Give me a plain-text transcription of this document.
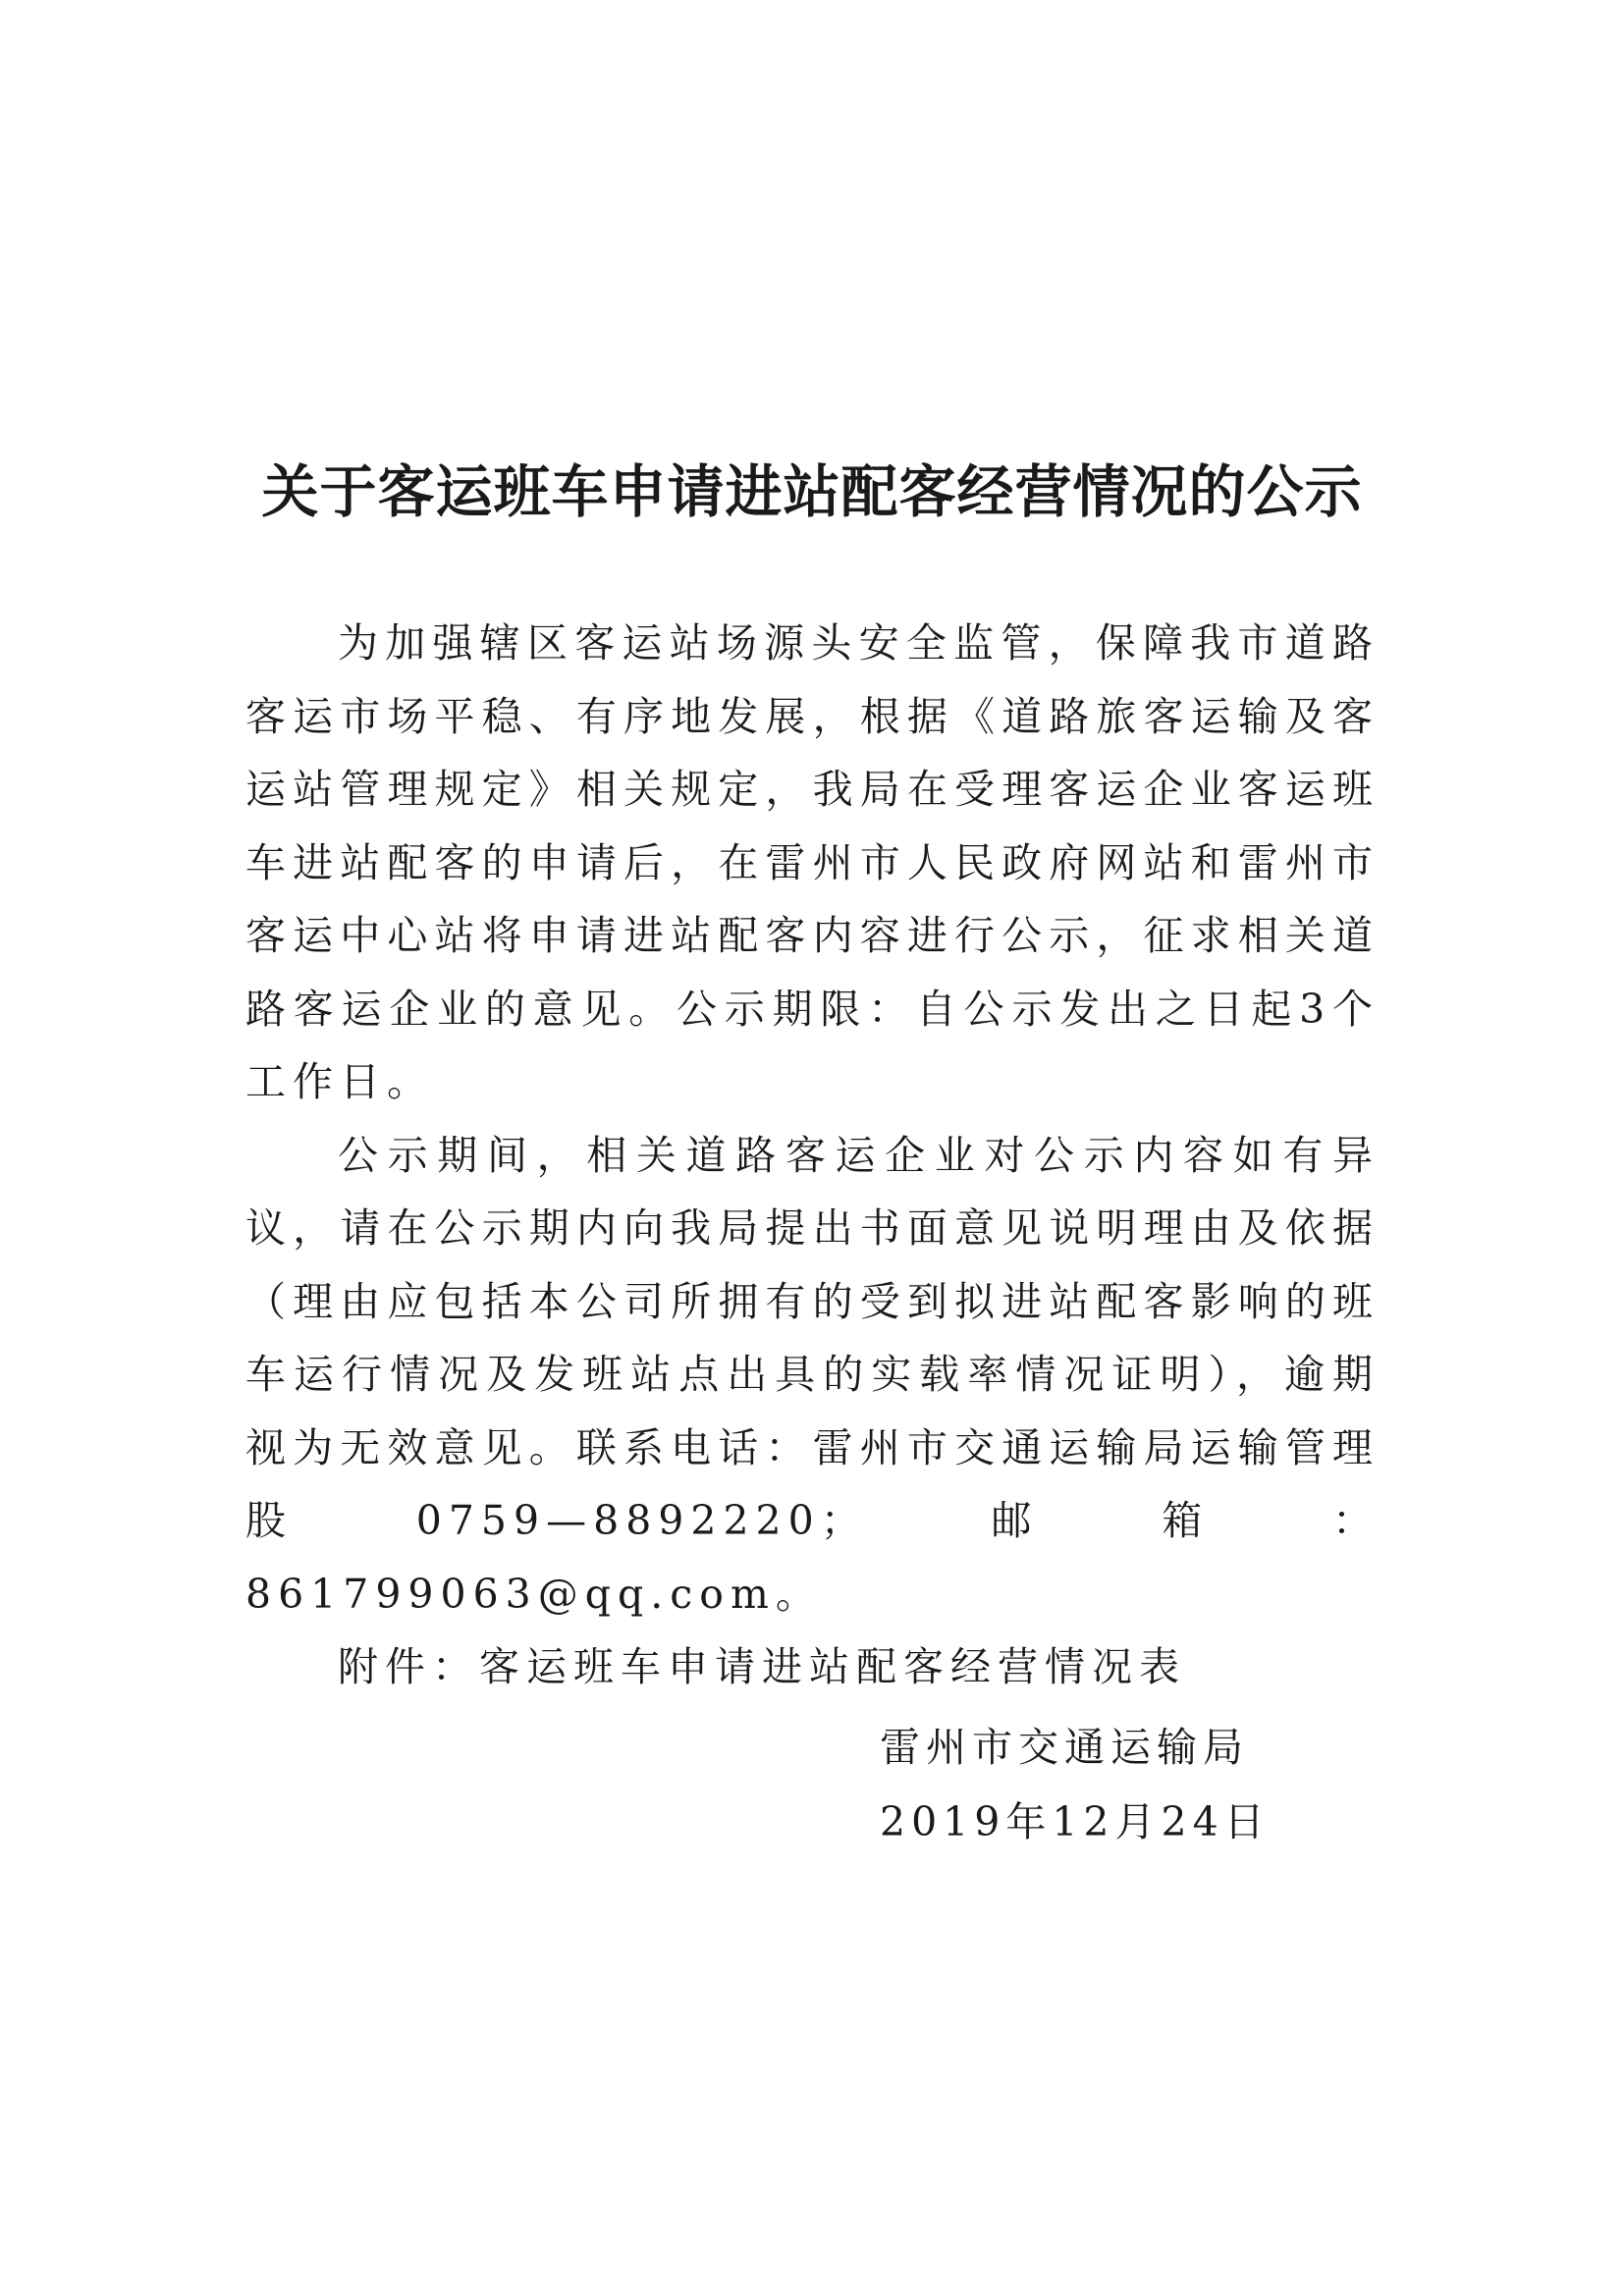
关于客运班车申请进站配客经营情况的公示

为加强辖区客运站场源头安全监管，保障我市道路客运市场平稳、有序地发展，根据《道路旅客运输及客运站管理规定》相关规定，我局在受理客运企业客运班车进站配客的申请后，在雷州市人民政府网站和雷州市客运中心站将申请进站配客内容进行公示，征求相关道路客运企业的意见。公示期限：自公示发出之日起3个工作日。

公示期间，相关道路客运企业对公示内容如有异议，请在公示期内向我局提出书面意见说明理由及依据（理由应包括本公司所拥有的受到拟进站配客影响的班车运行情况及发班站点出具的实载率情况证明），逾期视为无效意见。联系电话：雷州市交通运输局运输管理股0759—8892220；邮箱：861799063@qq.com。

附件：客运班车申请进站配客经营情况表

雷州市交通运输局
2019年12月24日
